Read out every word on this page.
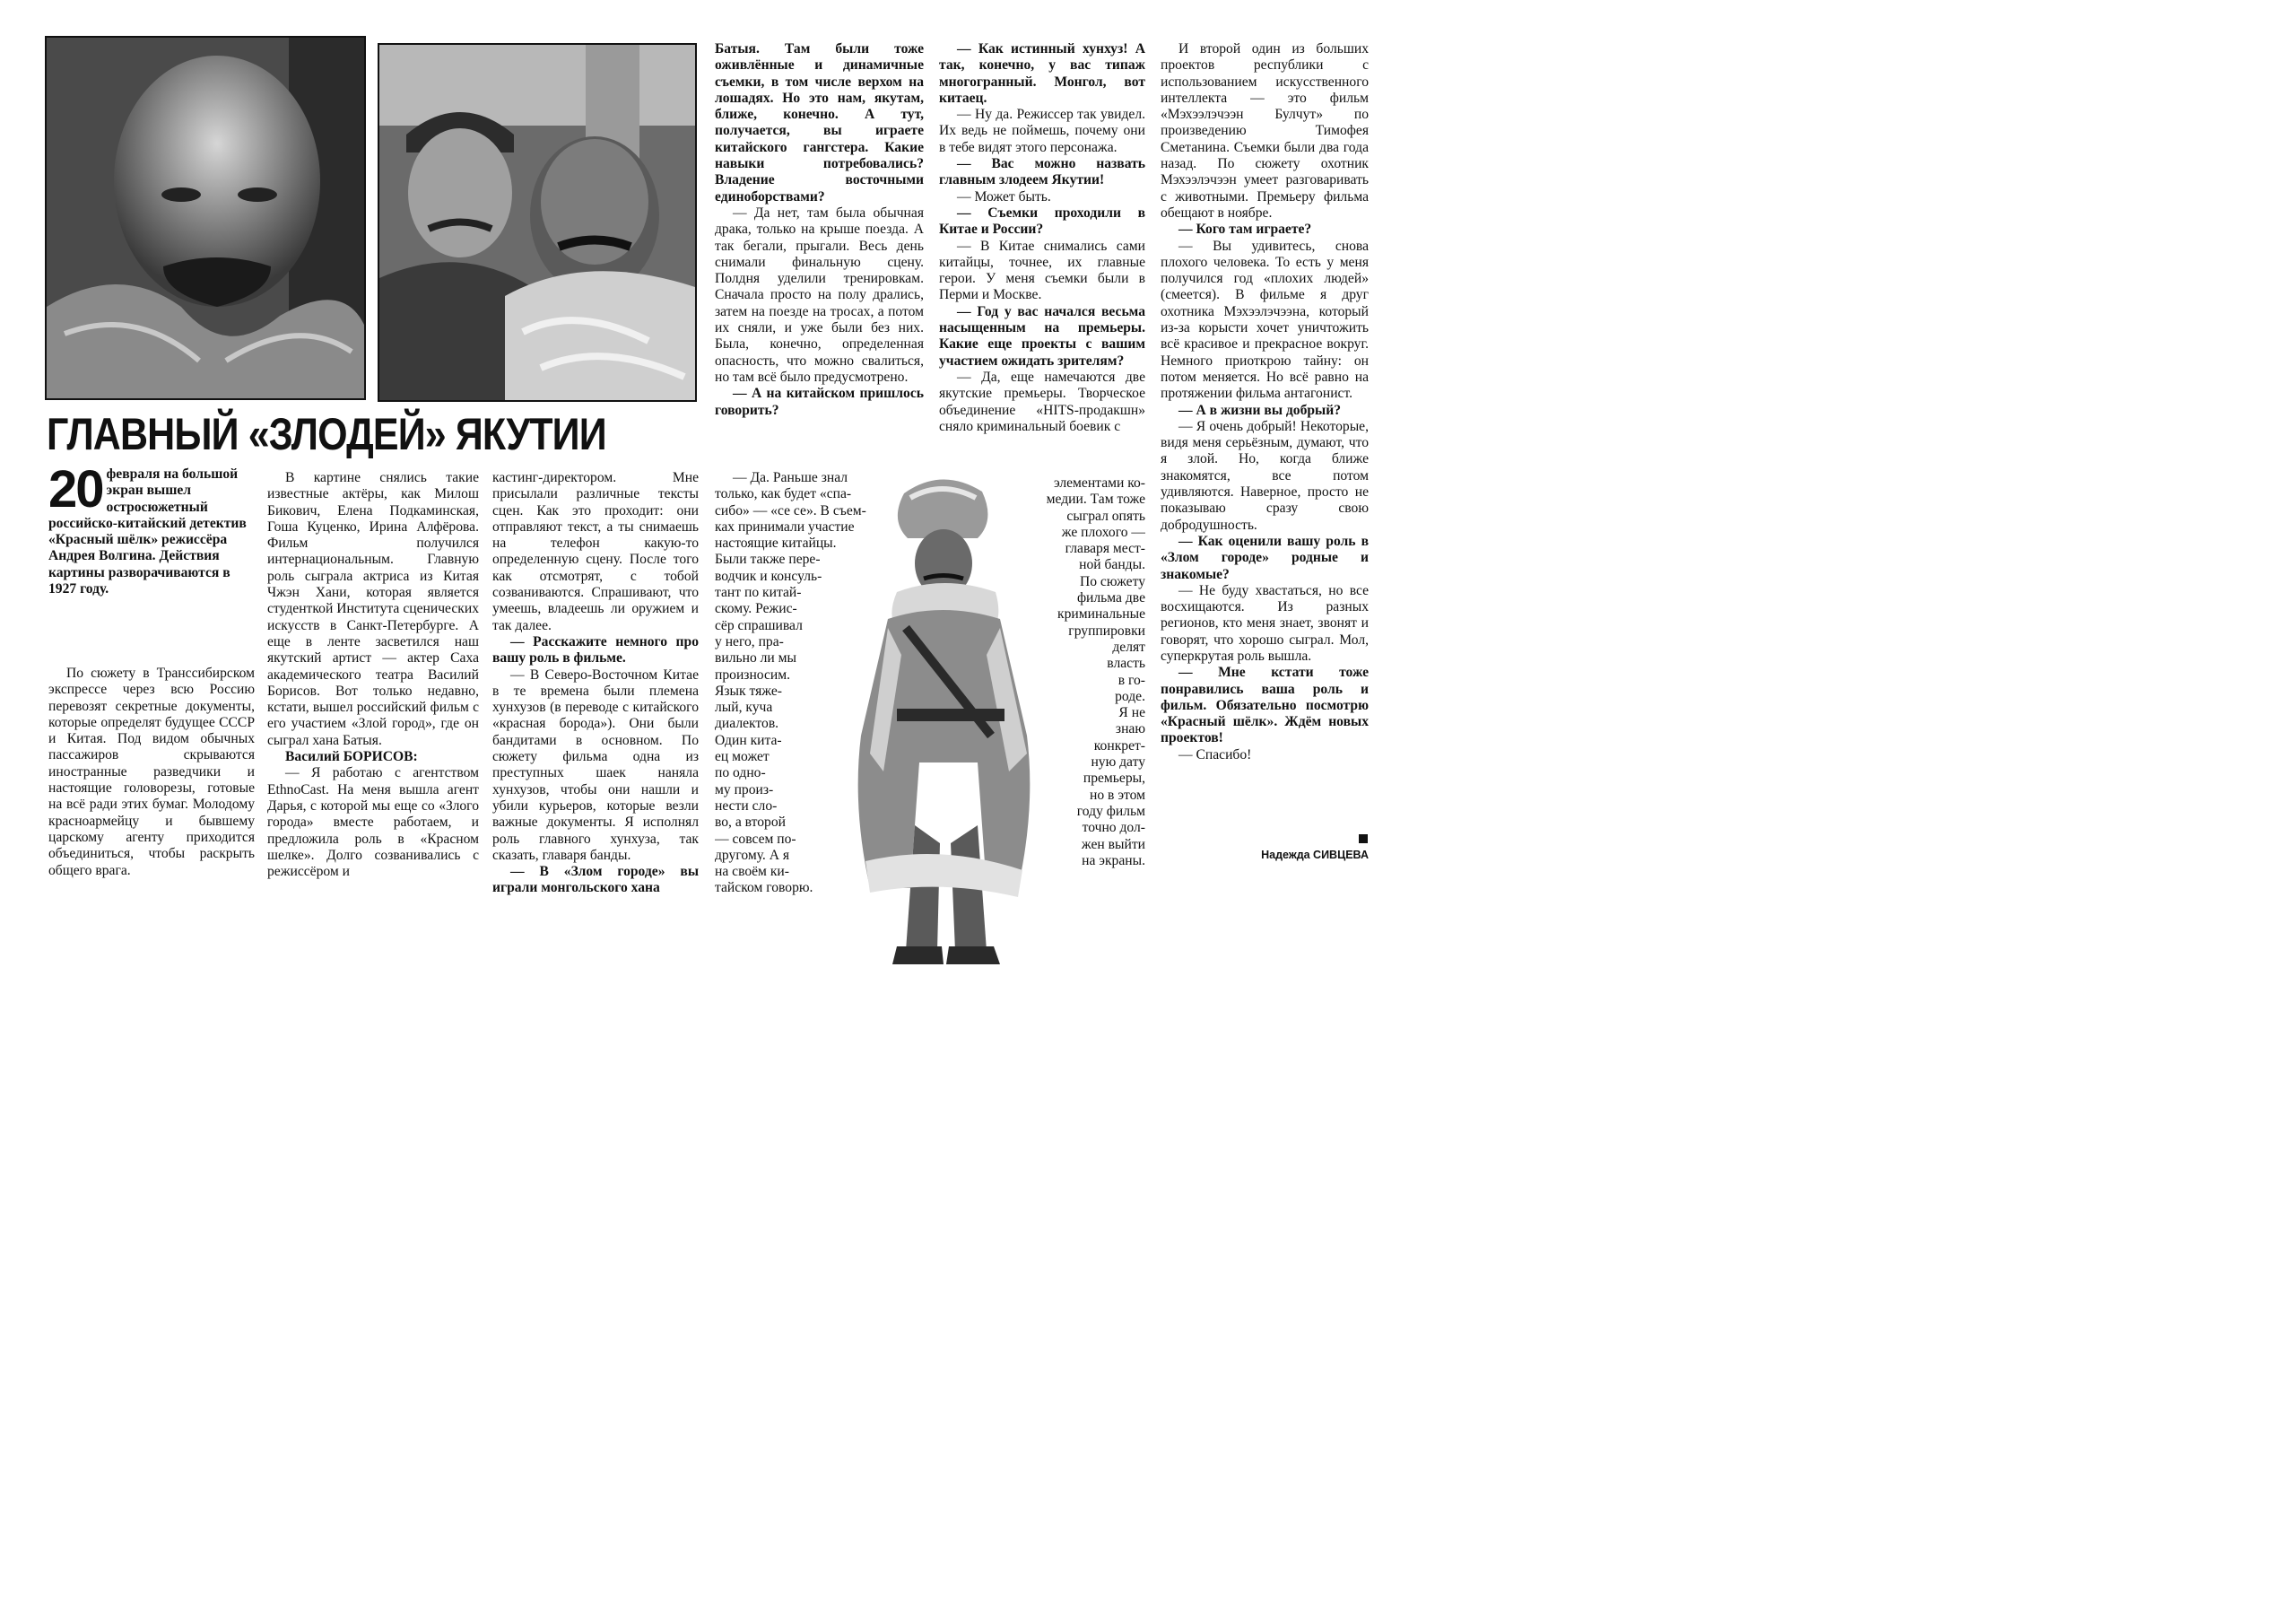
ГЛАВНЫЙ «ЗЛОДЕЙ» ЯКУТИИ
20 февраля на большой экран вышел остросюжетный российско-китайский детектив «Красный шёлк» режиссёра Андрея Волгина. Действия картины разворачиваются в 1927 году.

По сюжету в Транссибирском экспрессе через всю Россию перевозят секретные документы, которые определят будущее СССР и Китая. Под видом обычных пассажиров скрываются иностранные разведчики и настоящие головорезы, готовые на всё ради этих бумаг. Молодому красноармейцу и бывшему царскому агенту приходится объединиться, чтобы раскрыть общего врага.

В картине снялись такие известные актёры, как Милош Бикович, Елена Подкаминская, Гоша Куценко, Ирина Алфёрова. Фильм получился интернациональным. Главную роль сыграла актриса из Китая Чжэн Хани, которая является студенткой Института сценических искусств в Санкт-Петербурге. А еще в ленте засветился наш якутский артист — актер Саха академического театра Василий Борисов. Вот только недавно, кстати, вышел российский фильм с его участием «Злой город», где он сыграл хана Батыя.

Василий БОРИСОВ:

— Я работаю с агентством EthnoCast. На меня вышла агент Дарья, с которой мы еще со «Злого города» вместе работаем, и предложила роль в «Красном шелке». Долго созванивались с режиссёром и

кастинг-директором. Мне присылали различные тексты сцен. Как это проходит: они отправляют текст, а ты снимаешь на телефон какую-то определенную сцену. После того как отсмотрят, с тобой созваниваются. Спрашивают, что умеешь, владеешь ли оружием и так далее.

— Расскажите немного про вашу роль в фильме.

— В Северо-Восточном Китае в те времена были племена хунхузов (в переводе с китайского «красная борода»). Они были бандитами в основном. По сюжету фильма одна из преступных шаек наняла хунхузов, чтобы они нашли и убили курьеров, которые везли важные документы. Я исполнял роль главного хунхуза, так сказать, главаря банды.

— В «Злом городе» вы играли монгольского хана

Батыя. Там были тоже оживлённые и динамичные съемки, в том числе верхом на лошадях. Но это нам, якутам, ближе, конечно. А тут, получается, вы играете китайского гангстера. Какие навыки потребовались? Владение восточными единоборствами?

— Да нет, там была обычная драка, только на крыше поезда. А так бегали, прыгали. Весь день снимали финальную сцену. Полдня уделили тренировкам. Сначала просто на полу дрались, затем на поезде на тросах, а потом их сняли, и уже были без них. Была, конечно, определенная опасность, что можно свалиться, но там всё было предусмотрено.

— А на китайском пришлось говорить?

— Да. Раньше знал
только, как будет «спа-
сибо» — «се се». В съем-
ках принимали участие
настоящие китайцы.
Были также пере-
водчик и консуль-
тант по китай-
скому. Режис-
сёр спрашивал
у него, пра-
вильно ли мы
произносим.
Язык тяже-
лый, куча
диалектов.
Один кита-
ец может
по одно-
му произ-
нести сло-
во, а второй
— совсем по-
другому. А я
на своём ки-
тайском говорю.

— Как истинный хунхуз! А так, конечно, у вас типаж многогранный. Монгол, вот китаец.

— Ну да. Режиссер так увидел. Их ведь не поймешь, почему они в тебе видят этого персонажа.

— Вас можно назвать главным злодеем Якутии!

— Может быть.

— Съемки проходили в Китае и России?

— В Китае снимались сами китайцы, точнее, их главные герои. У меня съемки были в Перми и Москве.

— Год у вас начался весьма насыщенным на премьеры. Какие еще проекты с вашим участием ожидать зрителям?

— Да, еще намечаются две якутские премьеры. Творческое объединение «HITS-продакшн» сняло криминальный боевик с

элементами ко-
медии. Там тоже
сыграл опять
же плохого —
главаря мест-
ной банды.
По сюжету
фильма две
криминальные
группировки
делят
власть
в го-
роде.
Я не
знаю
конкрет-
ную дату
премьеры,
но в этом
году фильм
точно дол-
жен выйти
на экраны.

И второй один из больших проектов республики с использованием искусственного интеллекта — это фильм «Мэхээлэчээн Булчут» по произведению Тимофея Сметанина. Съемки были два года назад. По сюжету охотник Мэхээлэчээн умеет разговаривать с животными. Премьеру фильма обещают в ноябре.

— Кого там играете?

— Вы удивитесь, снова плохого человека. То есть у меня получился год «плохих людей» (смеется). В фильме я друг охотника Мэхээлэчээна, который из-за корысти хочет уничтожить всё красивое и прекрасное вокруг. Немного приоткрою тайну: он потом меняется. Но всё равно на протяжении фильма антагонист.

— А в жизни вы добрый?

— Я очень добрый! Некоторые, видя меня серьёзным, думают, что я злой. Но, когда ближе знакомятся, все потом удивляются. Наверное, просто не показываю сразу свою добродушность.

— Как оценили вашу роль в «Злом городе» родные и знакомые?

— Не буду хвастаться, но все восхищаются. Из разных регионов, кто меня знает, звонят и говорят, что хорошо сыграл. Мол, суперкрутая роль вышла.

— Мне кстати тоже понравились ваша роль и фильм. Обязательно посмотрю «Красный шёлк». Ждём новых проектов!

— Спасибо!

Надежда СИВЦЕВА
